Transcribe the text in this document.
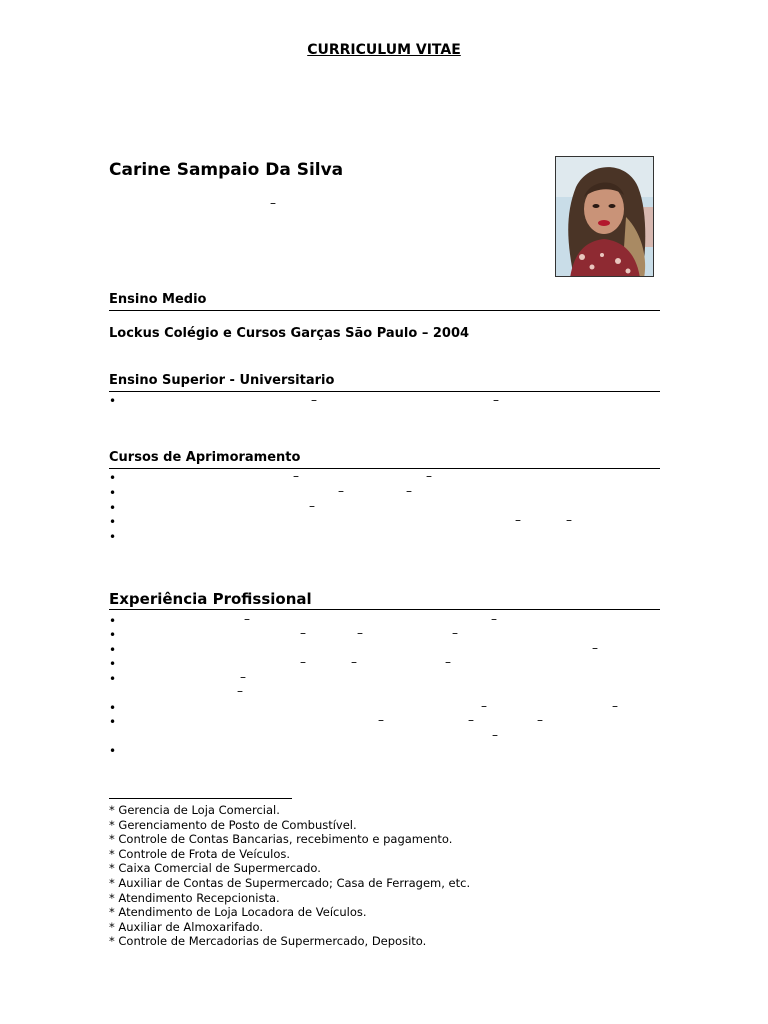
CURRICULUM VITAE
Carine Sampaio Da Silva
–
Ensino Medio
Lockus Colégio e Cursos Garças São Paulo – 2004
Ensino Superior - Universitario
•	–	–
Cursos de Aprimoramento
•
•
•
•
•
–	–
–	–
–
–	–
Experiência Profissional
•
•
•
•
•
•
•
•
–	–
–	–	–
–
–	–	–
–
–
–	–
–	–	–
–
* Gerencia de Loja Comercial.
* Gerenciamento de Posto de Combustível.
* Controle de Contas Bancarias, recebimento e pagamento.
* Controle de Frota de Veículos.
* Caixa Comercial de Supermercado.
* Auxiliar de Contas de Supermercado; Casa de Ferragem, etc.
* Atendimento Recepcionista.
* Atendimento de Loja Locadora de Veículos.
* Auxiliar de Almoxarifado.
* Controle de Mercadorias de Supermercado, Deposito.
